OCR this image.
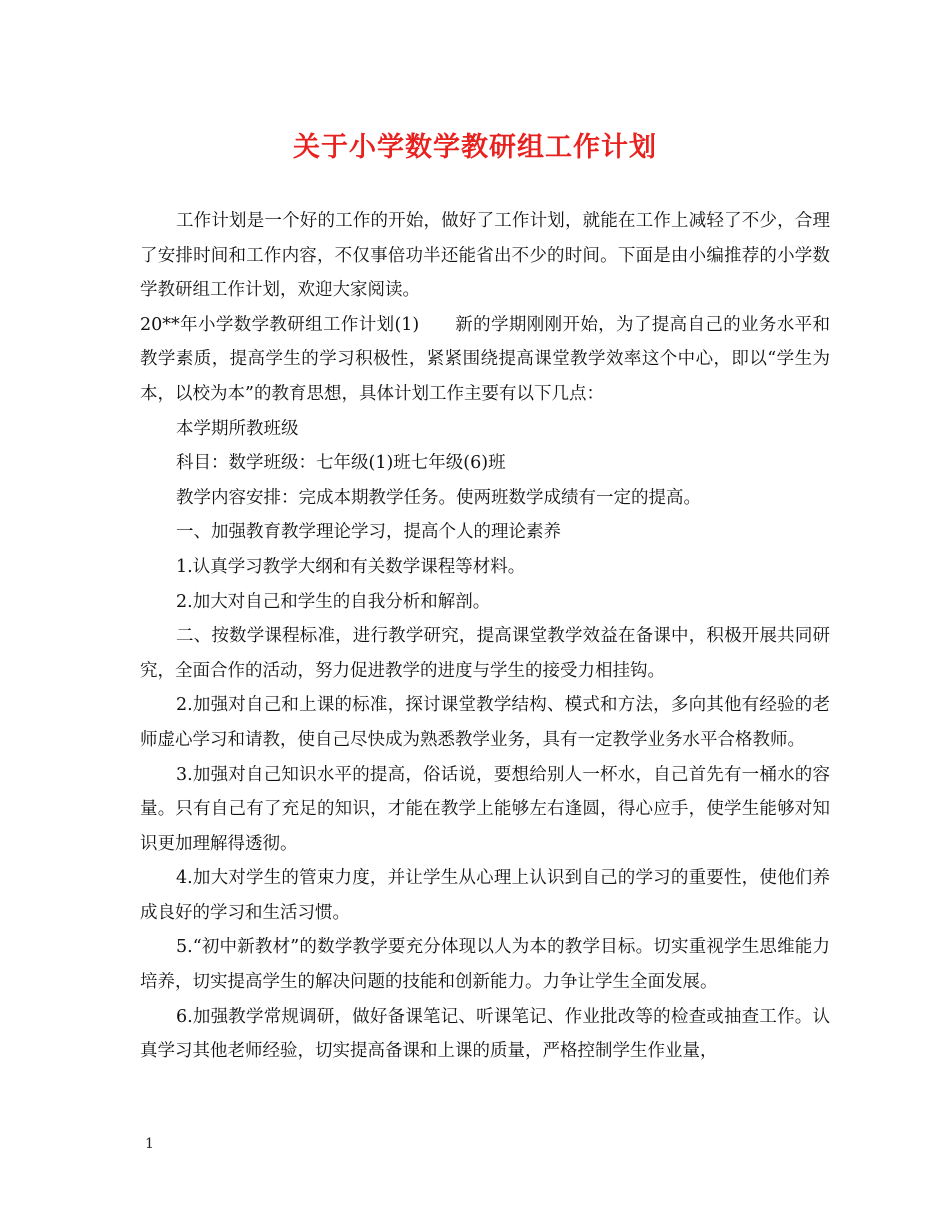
关于小学数学教研组工作计划

工作计划是一个好的工作的开始，做好了工作计划，就能在工作上减轻了不少，合理了安排时间和工作内容，不仅事倍功半还能省出不少的时间。下面是由小编推荐的小学数学教研组工作计划，欢迎大家阅读。

20**年小学数学教研组工作计划(1)　　新的学期刚刚开始，为了提高自己的业务水平和教学素质，提高学生的学习积极性，紧紧围绕提高课堂教学效率这个中心，即以“学生为本，以校为本”的教育思想，具体计划工作主要有以下几点：

本学期所教班级

科目：数学班级：七年级(1)班七年级(6)班

教学内容安排：完成本期教学任务。使两班数学成绩有一定的提高。

一、加强教育教学理论学习，提高个人的理论素养

1.认真学习教学大纲和有关数学课程等材料。

2.加大对自己和学生的自我分析和解剖。

二、按数学课程标准，进行教学研究，提高课堂教学效益在备课中，积极开展共同研究，全面合作的活动，努力促进教学的进度与学生的接受力相挂钩。

2.加强对自己和上课的标准，探讨课堂教学结构、模式和方法，多向其他有经验的老师虚心学习和请教，使自己尽快成为熟悉教学业务，具有一定教学业务水平合格教师。

3.加强对自己知识水平的提高，俗话说，要想给别人一杯水，自己首先有一桶水的容量。只有自己有了充足的知识，才能在教学上能够左右逢圆，得心应手，使学生能够对知识更加理解得透彻。

4.加大对学生的管束力度，并让学生从心理上认识到自己的学习的重要性，使他们养成良好的学习和生活习惯。

5.“初中新教材”的数学教学要充分体现以人为本的教学目标。切实重视学生思维能力培养，切实提高学生的解决问题的技能和创新能力。力争让学生全面发展。

6.加强教学常规调研，做好备课笔记、听课笔记、作业批改等的检查或抽查工作。认真学习其他老师经验，切实提高备课和上课的质量，严格控制学生作业量，

1
